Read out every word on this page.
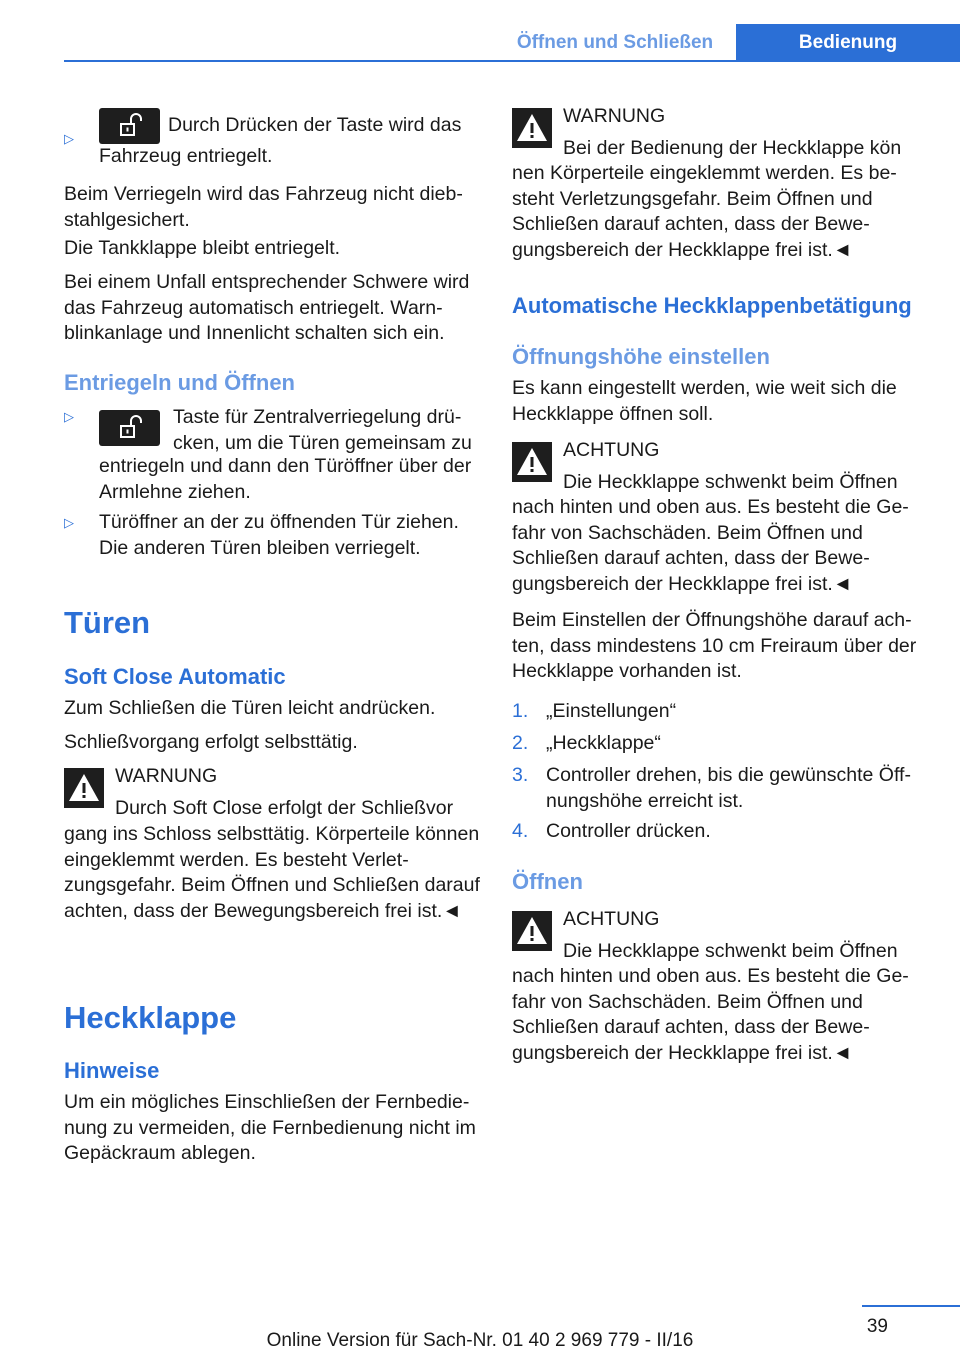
Öffnen und Schließen	Bedienung
▷
Durch Drücken der Taste wird das Fahrzeug entriegelt.
Beim Verriegeln wird das Fahrzeug nicht diebstahlgesichert.
Die Tankklappe bleibt entriegelt.
Bei einem Unfall entsprechender Schwere wird das Fahrzeug automatisch entriegelt. Warnblinkanlage und Innenlicht schalten sich ein.
Entriegeln und Öffnen
▷	Taste für Zentralverriegelung drücken, um die Türen gemeinsam zu
entriegeln und dann den Türöffner über der Armlehne ziehen.
▷ Türöffner an der zu öffnenden Tür ziehen. Die anderen Türen bleiben verriegelt.
Türen
Soft Close Automatic
Zum Schließen die Türen leicht andrücken.
Schließvorgang erfolgt selbsttätig.
WARNUNG
Durch Soft Close erfolgt der Schließvor
gang ins Schloss selbsttätig. Körperteile können eingeklemmt werden. Es besteht Verletzungsgefahr. Beim Öffnen und Schließen darauf achten, dass der Bewegungsbereich frei ist.◄
Heckklappe
Hinweise
Um ein mögliches Einschließen der Fernbedienung zu vermeiden, die Fernbedienung nicht im Gepäckraum ablegen.
WARNUNG
Bei der Bedienung der Heckklappe kön
nen Körperteile eingeklemmt werden. Es besteht Verletzungsgefahr. Beim Öffnen und Schließen darauf achten, dass der Bewegungsbereich der Heckklappe frei ist.◄
Automatische Heckklappenbetätigung
Öffnungshöhe einstellen
Es kann eingestellt werden, wie weit sich die Heckklappe öffnen soll.
ACHTUNG
Die Heckklappe schwenkt beim Öffnen
nach hinten und oben aus. Es besteht die Gefahr von Sachschäden. Beim Öffnen und Schließen darauf achten, dass der Bewegungsbereich der Heckklappe frei ist.◄
Beim Einstellen der Öffnungshöhe darauf achten, dass mindestens 10 cm Freiraum über der Heckklappe vorhanden ist.
1. „Einstellungen“
2. „Heckklappe“
3. Controller drehen, bis die gewünschte Öffnungshöhe erreicht ist.
4. Controller drücken.
Öffnen
ACHTUNG
Die Heckklappe schwenkt beim Öffnen
nach hinten und oben aus. Es besteht die Gefahr von Sachschäden. Beim Öffnen und Schließen darauf achten, dass der Bewegungsbereich der Heckklappe frei ist.◄
39
Online Version für Sach-Nr. 01 40 2 969 779 - II/16
